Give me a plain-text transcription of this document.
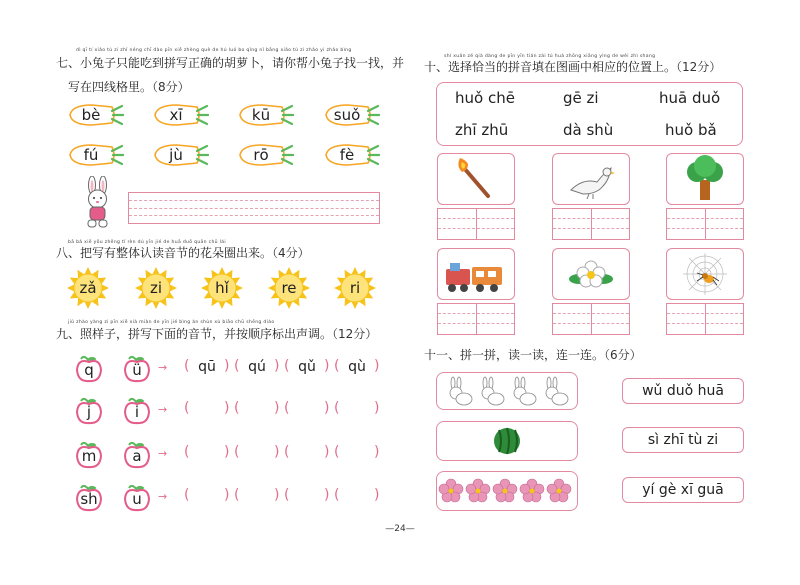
dì qī tí xiǎo tù zi zhǐ néng chī dào pīn xiě zhèng què de hú luó bo qǐng nǐ bāng xiǎo tù zi zhǎo yi zhǎo bìng
七、小兔子只能吃到拼写正确的胡萝卜，请你帮小兔子找一找，并
写在四线格里。（8分）
bè	xī	kū	suǒ
fú	jù	rō	fè
bā bǎ xiě yǒu zhěng tǐ rèn dú yīn jié de huā duǒ quān chū lái
八、把写有整体认读音节的花朵圈出来。（4分）
zǎ	zi	hǐ	re	ri
jiǔ zhào yàng zi pīn xiě xià miàn de yīn jié bìng àn shùn xù biāo chū shēng diào
九、照样子，拼写下面的音节，并按顺序标出声调。（12分）
q	ü	→ ( qū ) ( qú ) ( qǔ ) ( qù )
j	i	→ ( ) ( ) ( ) ( )
m	a	→ ( ) ( ) ( ) ( )
sh	u	→ ( ) ( ) ( ) ( )
shí xuǎn zé qià dàng de pīn yīn tián zài tú huà zhōng xiāng yìng de wèi zhì shang
十、选择恰当的拼音填在图画中相应的位置上。（12分）
huǒ chē	gē zi	huā duǒ
zhī zhū	dà shù	huǒ bǎ
十一、拼一拼，读一读，连一连。（6分）
wǔ duǒ huā
sì zhī tù zi
yí gè xī guā
—24—
